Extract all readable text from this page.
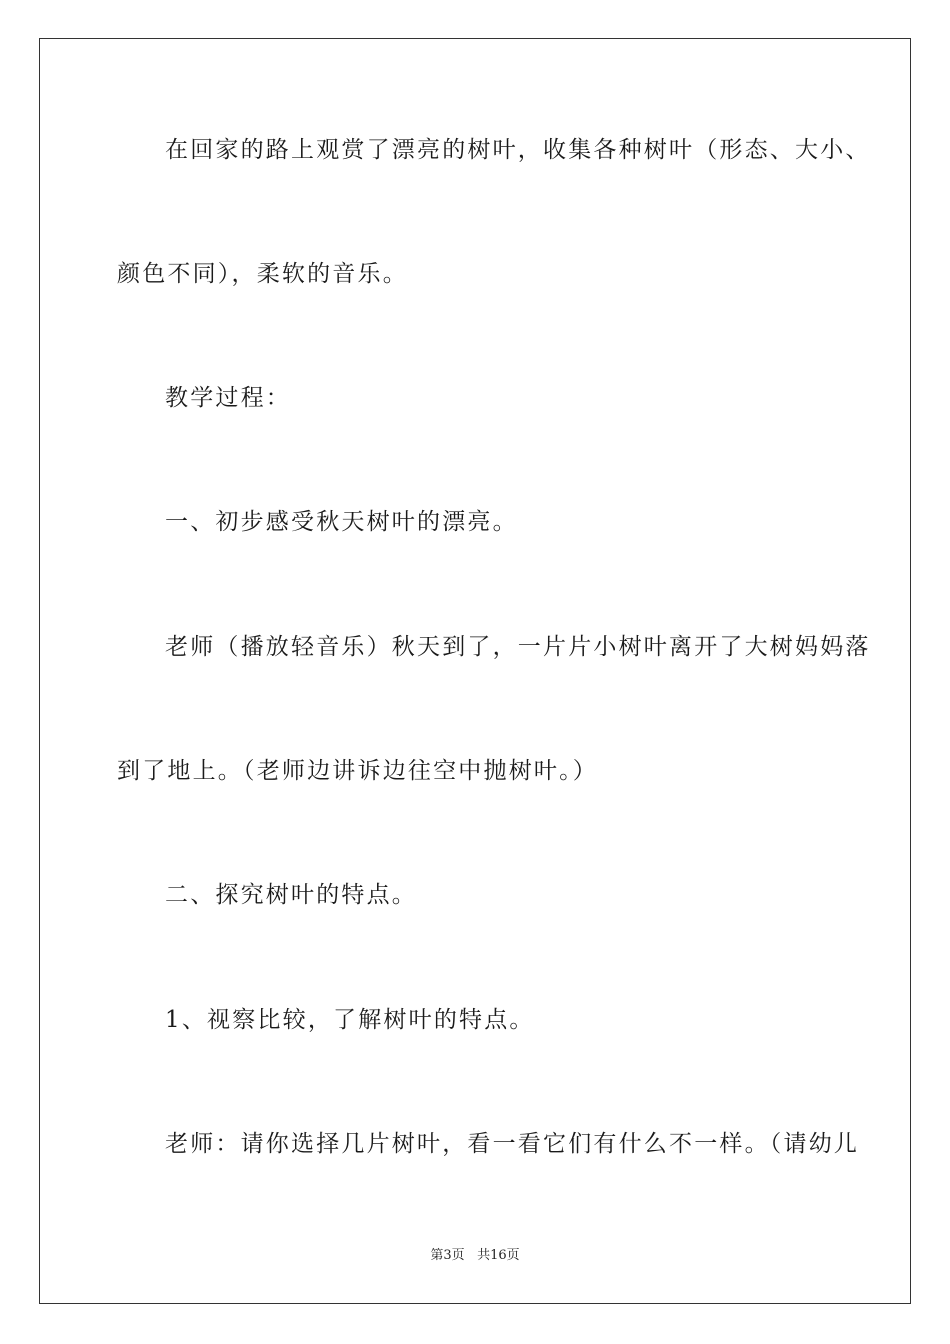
在回家的路上观赏了漂亮的树叶，收集各种树叶（形态、大小、
颜色不同），柔软的音乐。
教学过程：
一、初步感受秋天树叶的漂亮。
老师（播放轻音乐）秋天到了，一片片小树叶离开了大树妈妈落
到了地上。（老师边讲诉边往空中抛树叶。）
二、探究树叶的特点。
1、视察比较，了解树叶的特点。
老师：请你选择几片树叶，看一看它们有什么不一样。（请幼儿
第3页 共16页
